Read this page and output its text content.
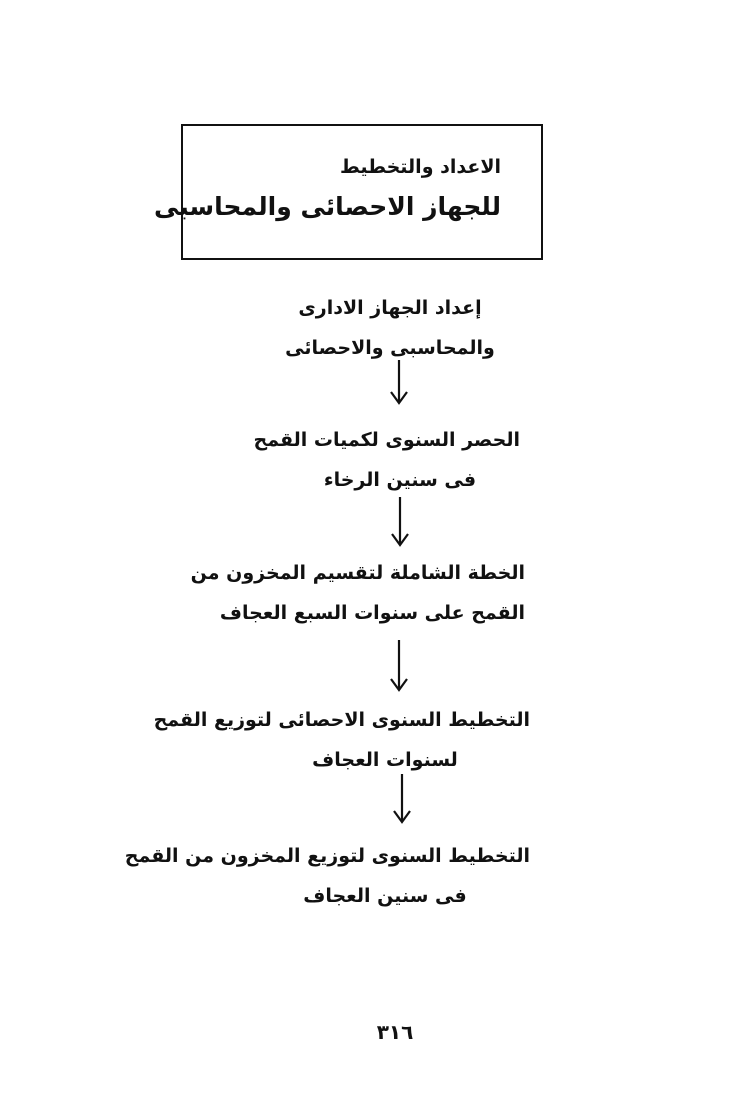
الاعداد والتخطيط
للجهاز الاحصائى والمحاسبى
إعداد الجهاز الادارى
والمحاسبى والاحصائى
الحصر السنوى لكميات القمح
فى سنين الرخاء
الخطة الشاملة لتقسيم المخزون من
القمح على سنوات السبع العجاف
التخطيط السنوى الاحصائى لتوزيع القمح
لسنوات العجاف
التخطيط السنوى لتوزيع المخزون من القمح
فى سنين العجاف
٣١٦
